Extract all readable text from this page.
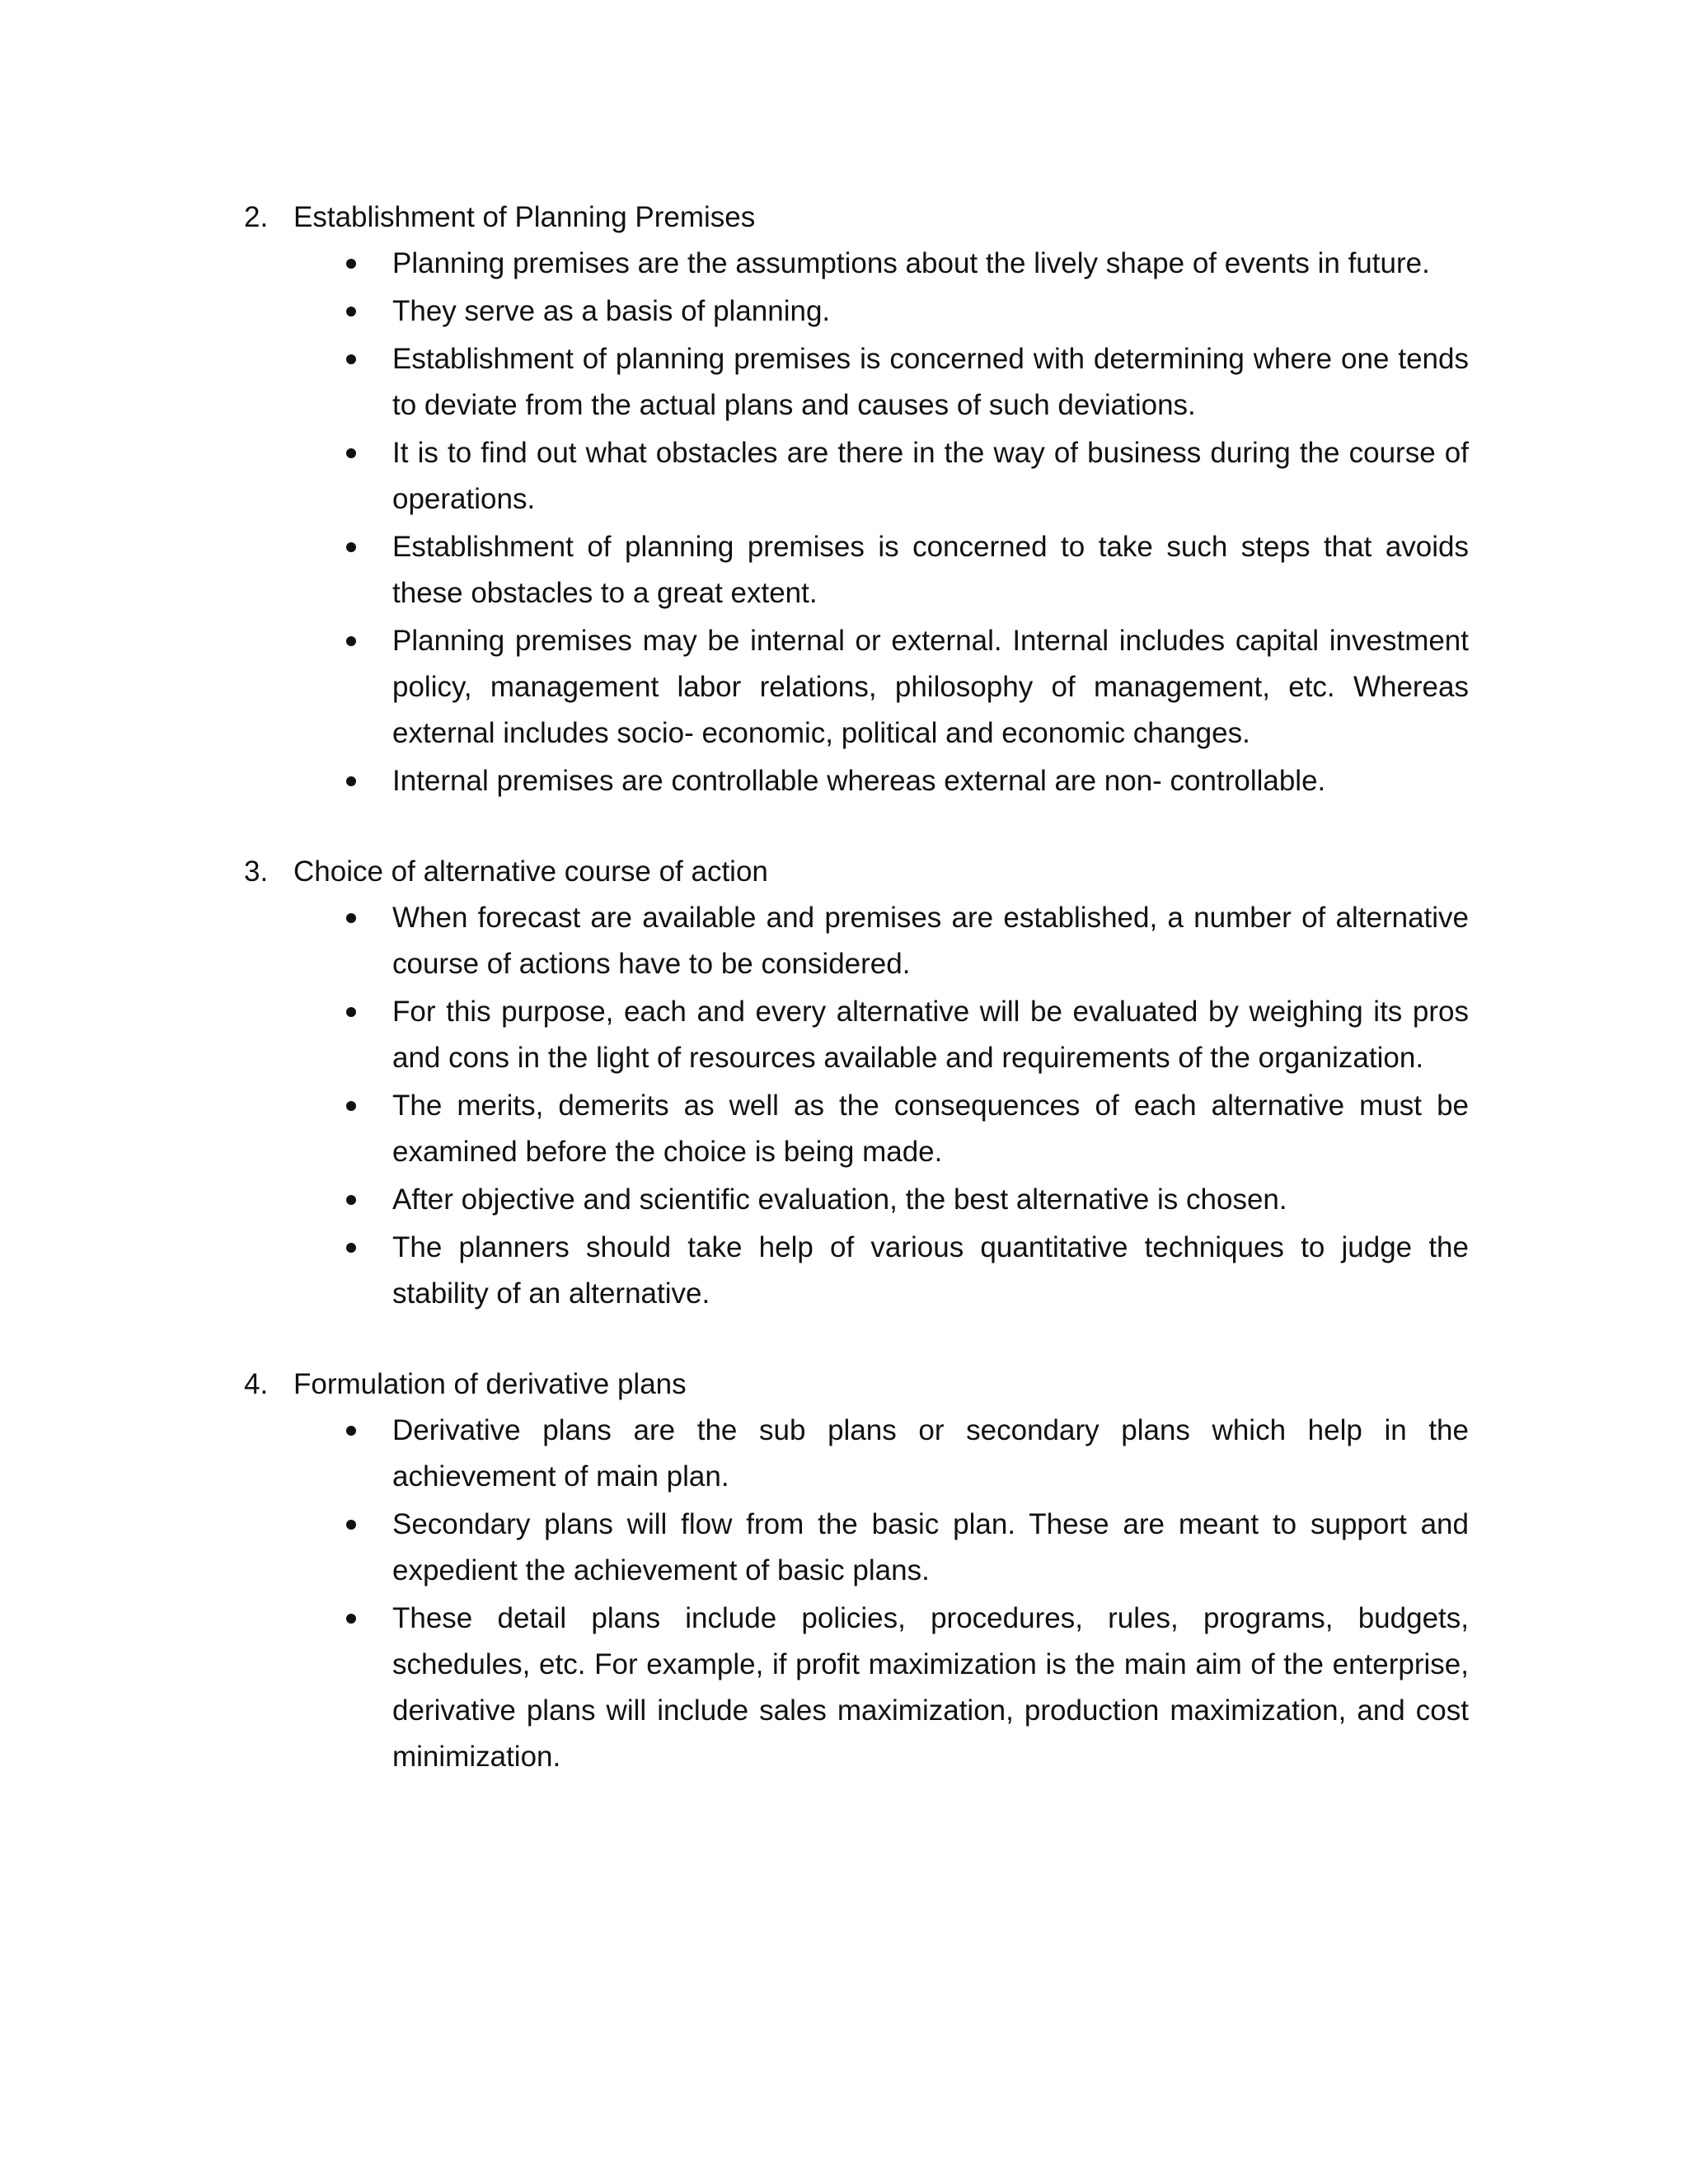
2. Establishment of Planning Premises
Planning premises are the assumptions about the lively shape of events in future.
They serve as a basis of planning.
Establishment of planning premises is concerned with determining where one tends to deviate from the actual plans and causes of such deviations.
It is to find out what obstacles are there in the way of business during the course of operations.
Establishment of planning premises is concerned to take such steps that avoids these obstacles to a great extent.
Planning premises may be internal or external. Internal includes capital investment policy, management labor relations, philosophy of management, etc. Whereas external includes socio- economic, political and economic changes.
Internal premises are controllable whereas external are non- controllable.
3. Choice of alternative course of action
When forecast are available and premises are established, a number of alternative course of actions have to be considered.
For this purpose, each and every alternative will be evaluated by weighing its pros and cons in the light of resources available and requirements of the organization.
The merits, demerits as well as the consequences of each alternative must be examined before the choice is being made.
After objective and scientific evaluation, the best alternative is chosen.
The planners should take help of various quantitative techniques to judge the stability of an alternative.
4. Formulation of derivative plans
Derivative plans are the sub plans or secondary plans which help in the achievement of main plan.
Secondary plans will flow from the basic plan. These are meant to support and expedient the achievement of basic plans.
These detail plans include policies, procedures, rules, programs, budgets, schedules, etc. For example, if profit maximization is the main aim of the enterprise, derivative plans will include sales maximization, production maximization, and cost minimization.
